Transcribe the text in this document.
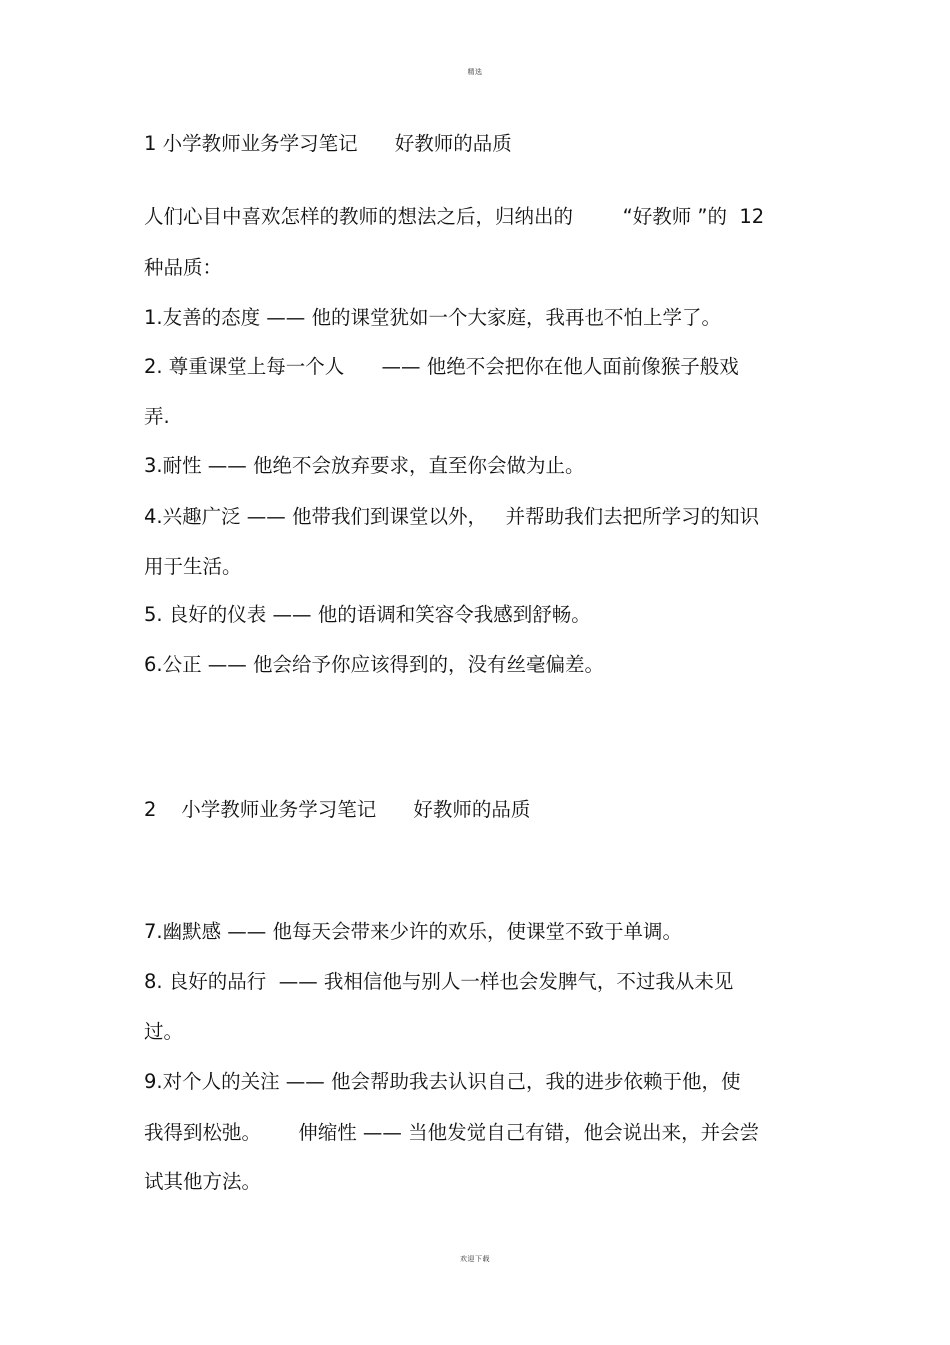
精选
1 小学教师业务学习笔记      好教师的品质
人们心目中喜欢怎样的教师的想法之后，归纳出的        “好教师 ”的  12
种品质：
1.友善的态度 —— 他的课堂犹如一个大家庭，我再也不怕上学了。
2. 尊重课堂上每一个人      —— 他绝不会把你在他人面前像猴子般戏
弄.
3.耐性 —— 他绝不会放弃要求，直至你会做为止。
4.兴趣广泛 —— 他带我们到课堂以外，   并帮助我们去把所学习的知识
用于生活。
5. 良好的仪表 —— 他的语调和笑容令我感到舒畅。
6.公正 —— 他会给予你应该得到的，没有丝毫偏差。
2    小学教师业务学习笔记      好教师的品质
7.幽默感 —— 他每天会带来少许的欢乐，使课堂不致于单调。
8. 良好的品行  —— 我相信他与别人一样也会发脾气，不过我从未见
过。
9.对个人的关注 —— 他会帮助我去认识自己，我的进步依赖于他，使
我得到松弛。      伸缩性 —— 当他发觉自己有错，他会说出来，并会尝
试其他方法。
欢迎下载
